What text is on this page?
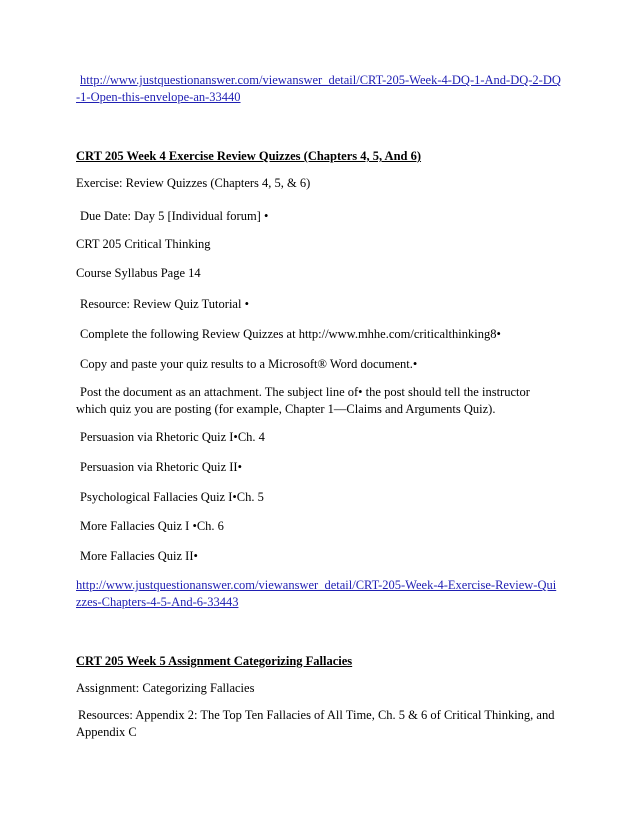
http://www.justquestionanswer.com/viewanswer_detail/CRT-205-Week-4-DQ-1-And-DQ-2-DQ-1-Open-this-envelope-an-33440
CRT 205 Week 4 Exercise Review Quizzes (Chapters 4, 5, And 6)
Exercise: Review Quizzes (Chapters 4, 5, & 6)
Due Date: Day 5 [Individual forum] •
CRT 205 Critical Thinking
Course Syllabus Page 14
Resource: Review Quiz Tutorial •
Complete the following Review Quizzes at http://www.mhhe.com/criticalthinking8•
Copy and paste your quiz results to a Microsoft® Word document.•
Post the document as an attachment. The subject line of• the post should tell the instructor which quiz you are posting (for example, Chapter 1—Claims and Arguments Quiz).
Persuasion via Rhetoric Quiz I•Ch. 4
Persuasion via Rhetoric Quiz II•
Psychological Fallacies Quiz I•Ch. 5
More Fallacies Quiz I •Ch. 6
More Fallacies Quiz II•
http://www.justquestionanswer.com/viewanswer_detail/CRT-205-Week-4-Exercise-Review-Quizzes-Chapters-4-5-And-6-33443
CRT 205 Week 5 Assignment Categorizing Fallacies
Assignment: Categorizing Fallacies
Resources: Appendix 2: The Top Ten Fallacies of All Time, Ch. 5 & 6 of Critical Thinking, and Appendix C
